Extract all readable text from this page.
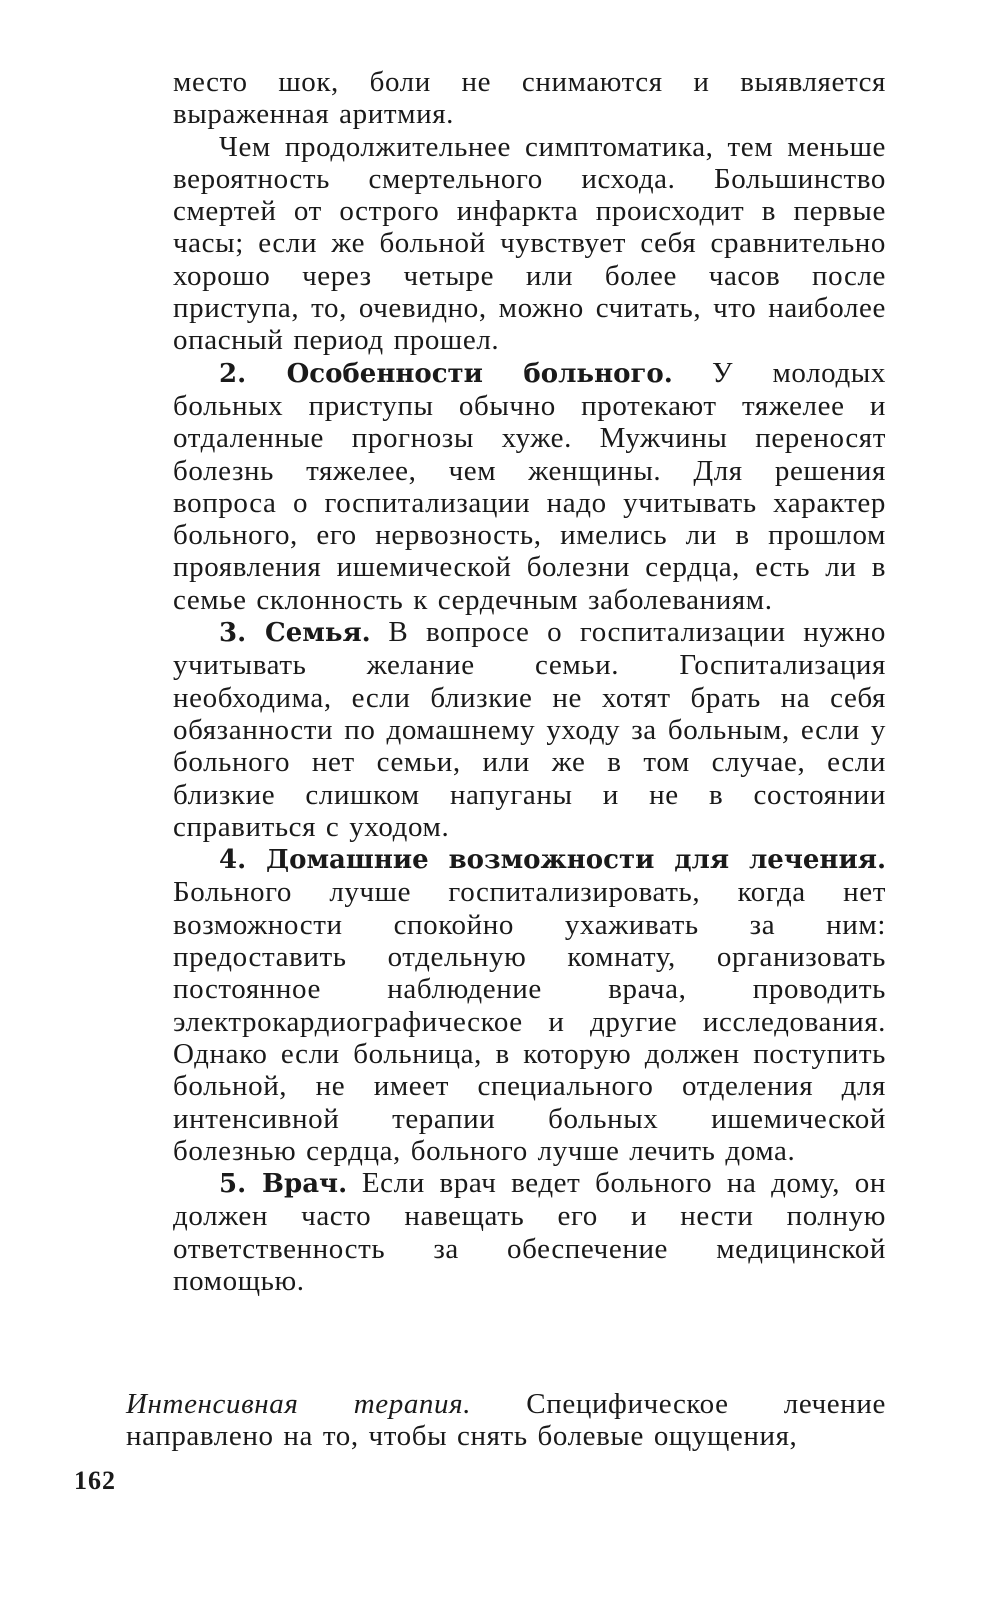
место шок, боли не снимаются и выявляется выраженная аритмия.

Чем продолжительнее симптоматика, тем меньше вероятность смертельного исхода. Большинство смертей от острого инфаркта происходит в первые часы; если же больной чувствует себя сравнительно хорошо через четыре или более часов после приступа, то, очевидно, можно считать, что наиболее опасный период прошел.

2. Особенности больного. У молодых больных приступы обычно протекают тяжелее и отдаленные прогнозы хуже. Мужчины переносят болезнь тяжелее, чем женщины. Для решения вопроса о госпитализации надо учитывать характер больного, его нервозность, имелись ли в прошлом проявления ишемической болезни сердца, есть ли в семье склонность к сердечным заболеваниям.

3. Семья. В вопросе о госпитализации нужно учитывать желание семьи. Госпитализация необходима, если близкие не хотят брать на себя обязанности по домашнему уходу за больным, если у больного нет семьи, или же в том случае, если близкие слишком напуганы и не в состоянии справиться с уходом.

4. Домашние возможности для лечения. Больного лучше госпитализировать, когда нет возможности спокойно ухаживать за ним: предоставить отдельную комнату, организовать постоянное наблюдение врача, проводить электрокардиографическое и другие исследования. Однако если больница, в которую должен поступить больной, не имеет специального отделения для интенсивной терапии больных ишемической болезнью сердца, больного лучше лечить дома.

5. Врач. Если врач ведет больного на дому, он должен часто навещать его и нести полную ответственность за обеспечение медицинской помощью.

Интенсивная терапия. Специфическое лечение направлено на то, чтобы снять болевые ощущения,

162
